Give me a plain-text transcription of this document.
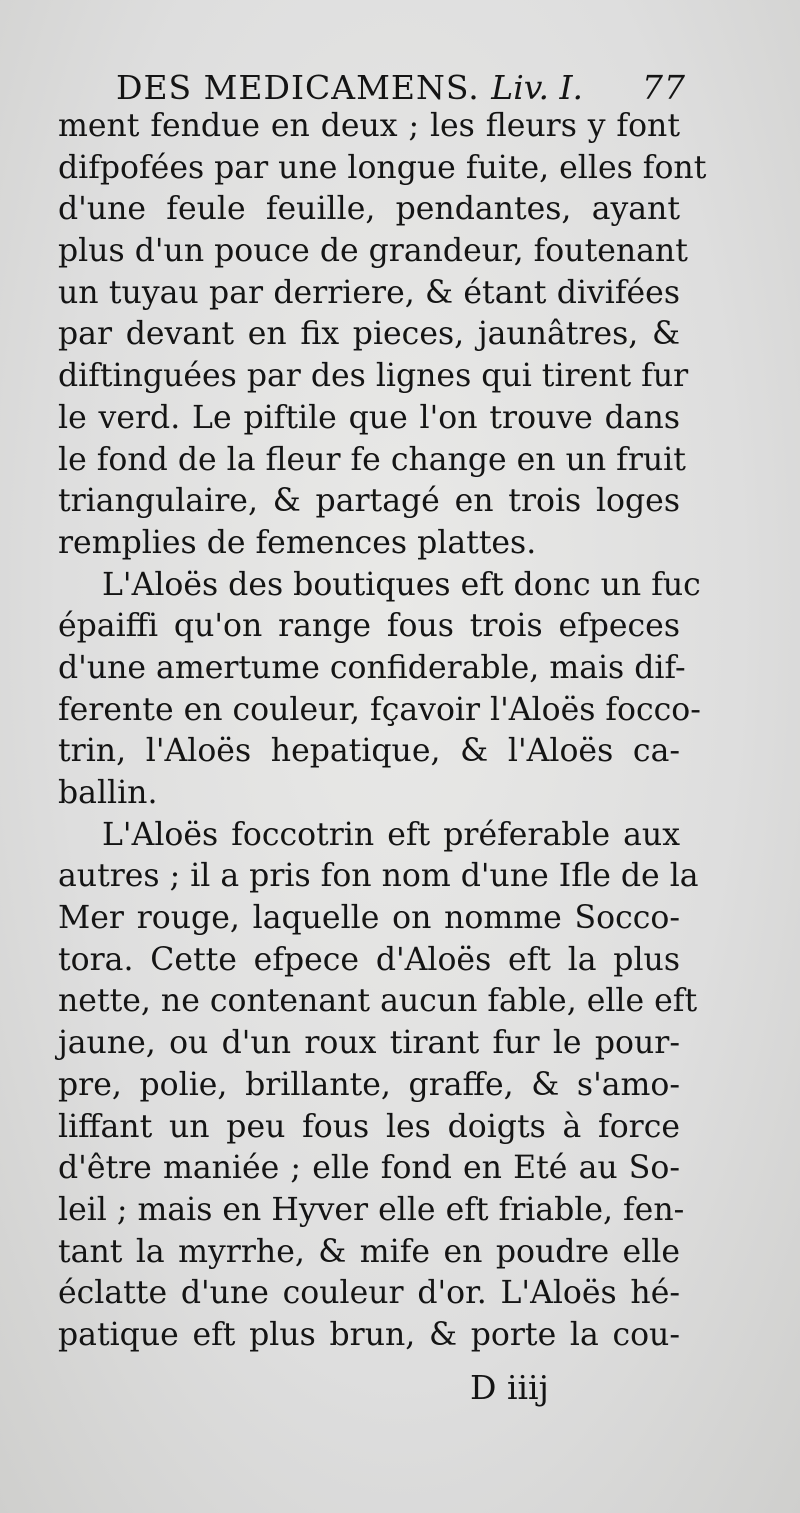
DES MEDICAMENS. Liv. I. 77
ment fendue en deux ; les fleurs y font
difpofées par une longue fuite, elles font
d'une feule feuille, pendantes, ayant
plus d'un pouce de grandeur, foutenant
un tuyau par derriere, & étant divifées
par devant en fix pieces, jaunâtres, &
diftinguées par des lignes qui tirent fur
le verd. Le piftile que l'on trouve dans
le fond de la fleur fe change en un fruit
triangulaire, & partagé en trois loges
remplies de femences plattes.
L'Aloës des boutiques eft donc un fuc
épaiffi qu'on range fous trois efpeces
d'une amertume confiderable, mais dif-
ferente en couleur, fçavoir l'Aloës focco-
trin, l'Aloës hepatique, & l'Aloës ca-
ballin.
L'Aloës foccotrin eft préferable aux
autres ; il a pris fon nom d'une Ifle de la
Mer rouge, laquelle on nomme Socco-
tora. Cette efpece d'Aloës eft la plus
nette, ne contenant aucun fable, elle eft
jaune, ou d'un roux tirant fur le pour-
pre, polie, brillante, graffe, & s'amo-
liffant un peu fous les doigts à force
d'être maniée ; elle fond en Eté au So-
leil ; mais en Hyver elle eft friable, fen-
tant la myrrhe, & mife en poudre elle
éclatte d'une couleur d'or. L'Aloës hé-
patique eft plus brun, & porte la cou-
D iiij
